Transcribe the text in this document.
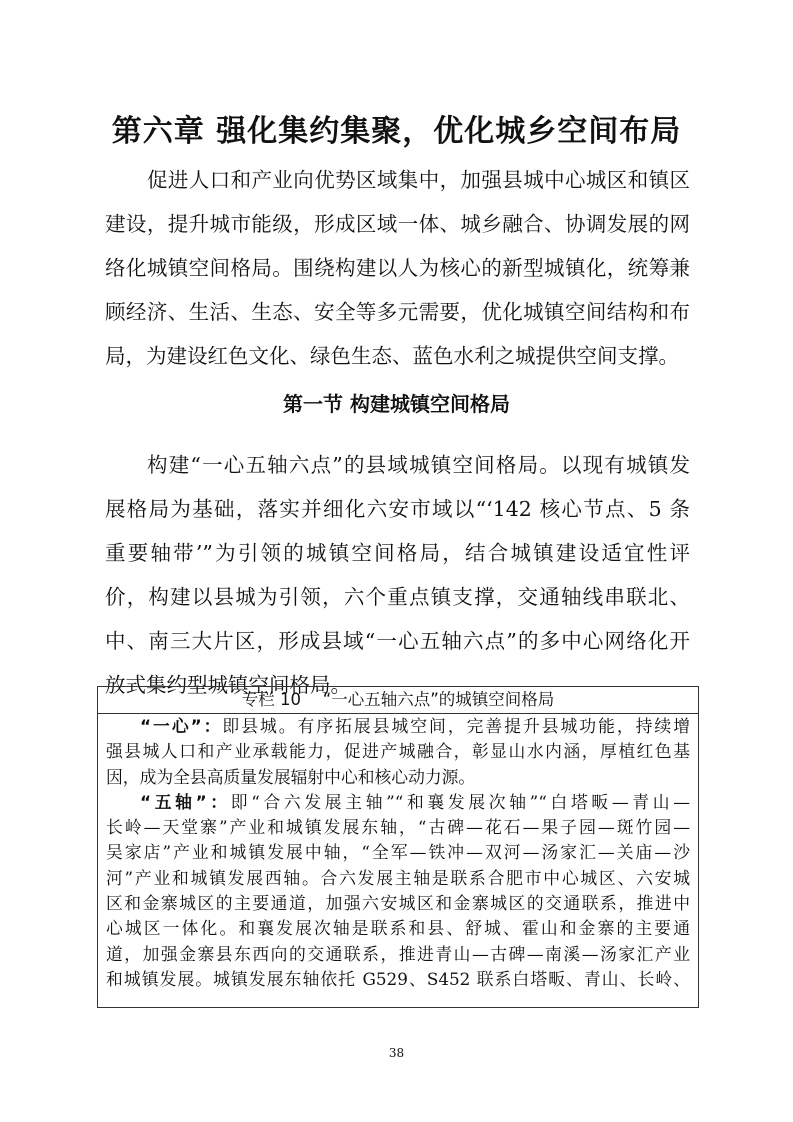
第六章 强化集约集聚，优化城乡空间布局
促进人口和产业向优势区域集中，加强县城中心城区和镇区
建设，提升城市能级，形成区域一体、城乡融合、协调发展的网
络化城镇空间格局。围绕构建以人为核心的新型城镇化，统筹兼
顾经济、生活、生态、安全等多元需要，优化城镇空间结构和布
局，为建设红色文化、绿色生态、蓝色水利之城提供空间支撑。
第一节 构建城镇空间格局
构建“一心五轴六点”的县域城镇空间格局。以现有城镇发
展格局为基础，落实并细化六安市域以“‘142 核心节点、5 条
重要轴带’”为引领的城镇空间格局，结合城镇建设适宜性评
价，构建以县城为引领，六个重点镇支撑，交通轴线串联北、
中、南三大片区，形成县域“一心五轴六点”的多中心网络化开
放式集约型城镇空间格局。
专栏 10　 “一心五轴六点”的城镇空间格局
“一心”：即县城。有序拓展县城空间，完善提升县城功能，持续增
强县城人口和产业承载能力，促进产城融合，彰显山水内涵，厚植红色基
因，成为全县高质量发展辐射中心和核心动力源。
“五轴”：即“合六发展主轴”“和襄发展次轴”“白塔畈—青山—
长岭—天堂寨”产业和城镇发展东轴，“古碑—花石—果子园—斑竹园—
吴家店”产业和城镇发展中轴，“全军—铁冲—双河—汤家汇—关庙—沙
河”产业和城镇发展西轴。合六发展主轴是联系合肥市中心城区、六安城
区和金寨城区的主要通道，加强六安城区和金寨城区的交通联系，推进中
心城区一体化。和襄发展次轴是联系和县、舒城、霍山和金寨的主要通
道，加强金寨县东西向的交通联系，推进青山—古碑—南溪—汤家汇产业
和城镇发展。城镇发展东轴依托 G529、S452 联系白塔畈、青山、长岭、
38
